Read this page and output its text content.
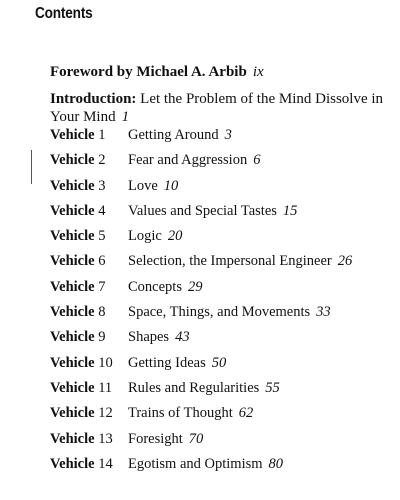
Contents
Foreword by Michael A. Arbib ix
Introduction: Let the Problem of the Mind Dissolve in Your Mind 1
Vehicle 1	Getting Around 3
Vehicle 2	Fear and Aggression 6
Vehicle 3	Love 10
Vehicle 4	Values and Special Tastes 15
Vehicle 5	Logic 20
Vehicle 6	Selection, the Impersonal Engineer 26
Vehicle 7	Concepts 29
Vehicle 8	Space, Things, and Movements 33
Vehicle 9	Shapes 43
Vehicle 10	Getting Ideas 50
Vehicle 11	Rules and Regularities 55
Vehicle 12	Trains of Thought 62
Vehicle 13	Foresight 70
Vehicle 14	Egotism and Optimism 80
